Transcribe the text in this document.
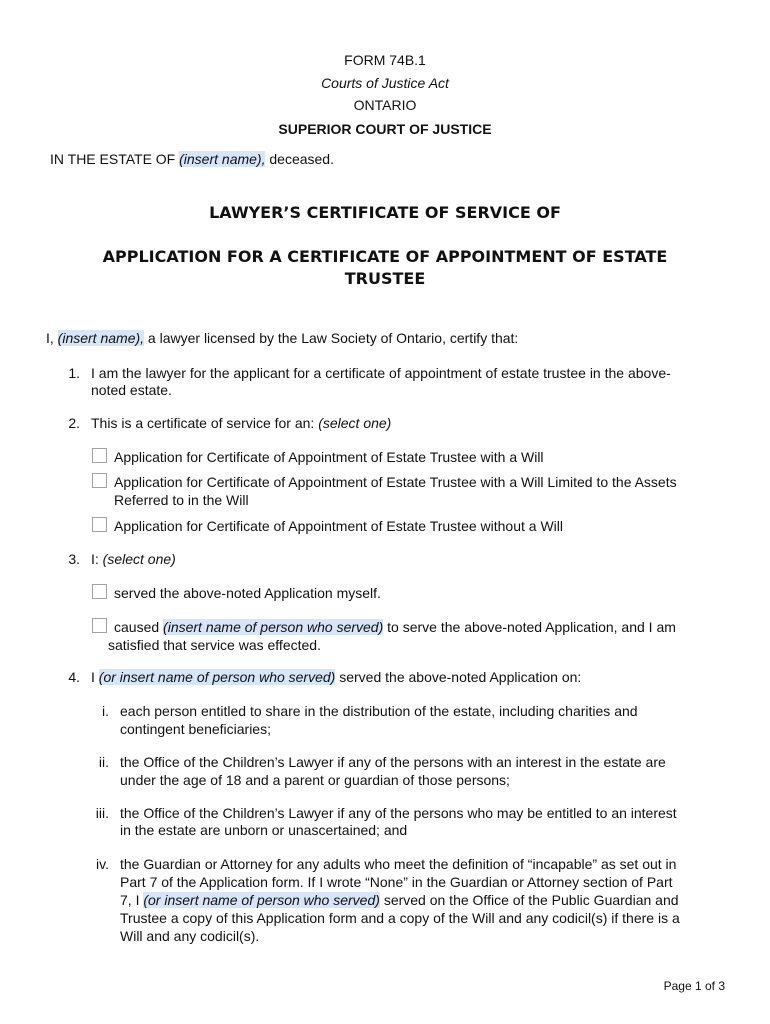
FORM 74B.1
Courts of Justice Act
ONTARIO
SUPERIOR COURT OF JUSTICE
IN THE ESTATE OF (insert name), deceased.
LAWYER’S CERTIFICATE OF SERVICE OF
APPLICATION FOR A CERTIFICATE OF APPOINTMENT OF ESTATE
TRUSTEE
I, (insert name), a lawyer licensed by the Law Society of Ontario, certify that:
1. I am the lawyer for the applicant for a certificate of appointment of estate trustee in the above-
noted estate.
2. This is a certificate of service for an: (select one)
Application for Certificate of Appointment of Estate Trustee with a Will
Application for Certificate of Appointment of Estate Trustee with a Will Limited to the Assets
Referred to in the Will
Application for Certificate of Appointment of Estate Trustee without a Will
3. I: (select one)
served the above-noted Application myself.
caused (insert name of person who served) to serve the above-noted Application, and I am
satisfied that service was effected.
4. I (or insert name of person who served) served the above-noted Application on:
i. each person entitled to share in the distribution of the estate, including charities and
contingent beneficiaries;
ii. the Office of the Children’s Lawyer if any of the persons with an interest in the estate are
under the age of 18 and a parent or guardian of those persons;
iii. the Office of the Children’s Lawyer if any of the persons who may be entitled to an interest
in the estate are unborn or unascertained; and
iv. the Guardian or Attorney for any adults who meet the definition of “incapable” as set out in
Part 7 of the Application form. If I wrote “None” in the Guardian or Attorney section of Part
7, I (or insert name of person who served) served on the Office of the Public Guardian and
Trustee a copy of this Application form and a copy of the Will and any codicil(s) if there is a
Will and any codicil(s).
Page 1 of 3
